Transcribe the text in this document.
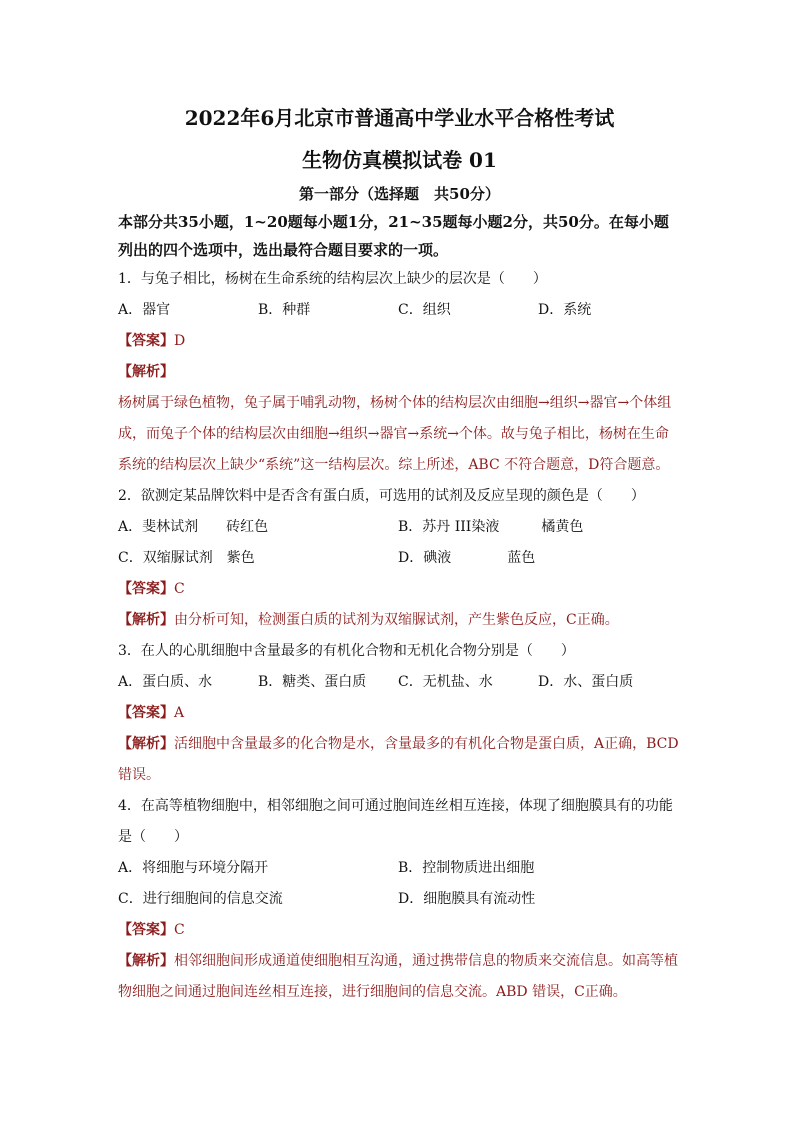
2022年6月北京市普通高中学业水平合格性考试
生物仿真模拟试卷 01
第一部分（选择题　共50分）
本部分共35小题，1~20题每小题1分，21~35题每小题2分，共50分。在每小题列出的四个选项中，选出最符合题目要求的一项。
1．与兔子相比，杨树在生命系统的结构层次上缺少的层次是（　　）
A．器官	B．种群	C．组织	D．系统
【答案】D
【解析】
杨树属于绿色植物，兔子属于哺乳动物，杨树个体的结构层次由细胞→组织→器官→个体组成，而兔子个体的结构层次由细胞→组织→器官→系统→个体。故与兔子相比，杨树在生命系统的结构层次上缺少“系统”这一结构层次。综上所述，ABC 不符合题意，D符合题意。
2．欲测定某品牌饮料中是否含有蛋白质，可选用的试剂及反应呈现的颜色是（　　）
A．斐林试剂　　砖红色	B．苏丹 III染液　　　橘黄色
C．双缩脲试剂　紫色	D．碘液　　　　蓝色
【答案】C
【解析】由分析可知，检测蛋白质的试剂为双缩脲试剂，产生紫色反应，C正确。
3．在人的心肌细胞中含量最多的有机化合物和无机化合物分别是（　　）
A．蛋白质、水	B．糖类、蛋白质	C．无机盐、水	D．水、蛋白质
【答案】A
【解析】活细胞中含量最多的化合物是水，含量最多的有机化合物是蛋白质，A正确，BCD错误。
4．在高等植物细胞中，相邻细胞之间可通过胞间连丝相互连接，体现了细胞膜具有的功能是（　　）
A．将细胞与环境分隔开	B．控制物质进出细胞
C．进行细胞间的信息交流	D．细胞膜具有流动性
【答案】C
【解析】相邻细胞间形成通道使细胞相互沟通，通过携带信息的物质来交流信息。如高等植物细胞之间通过胞间连丝相互连接，进行细胞间的信息交流。ABD 错误，C正确。
